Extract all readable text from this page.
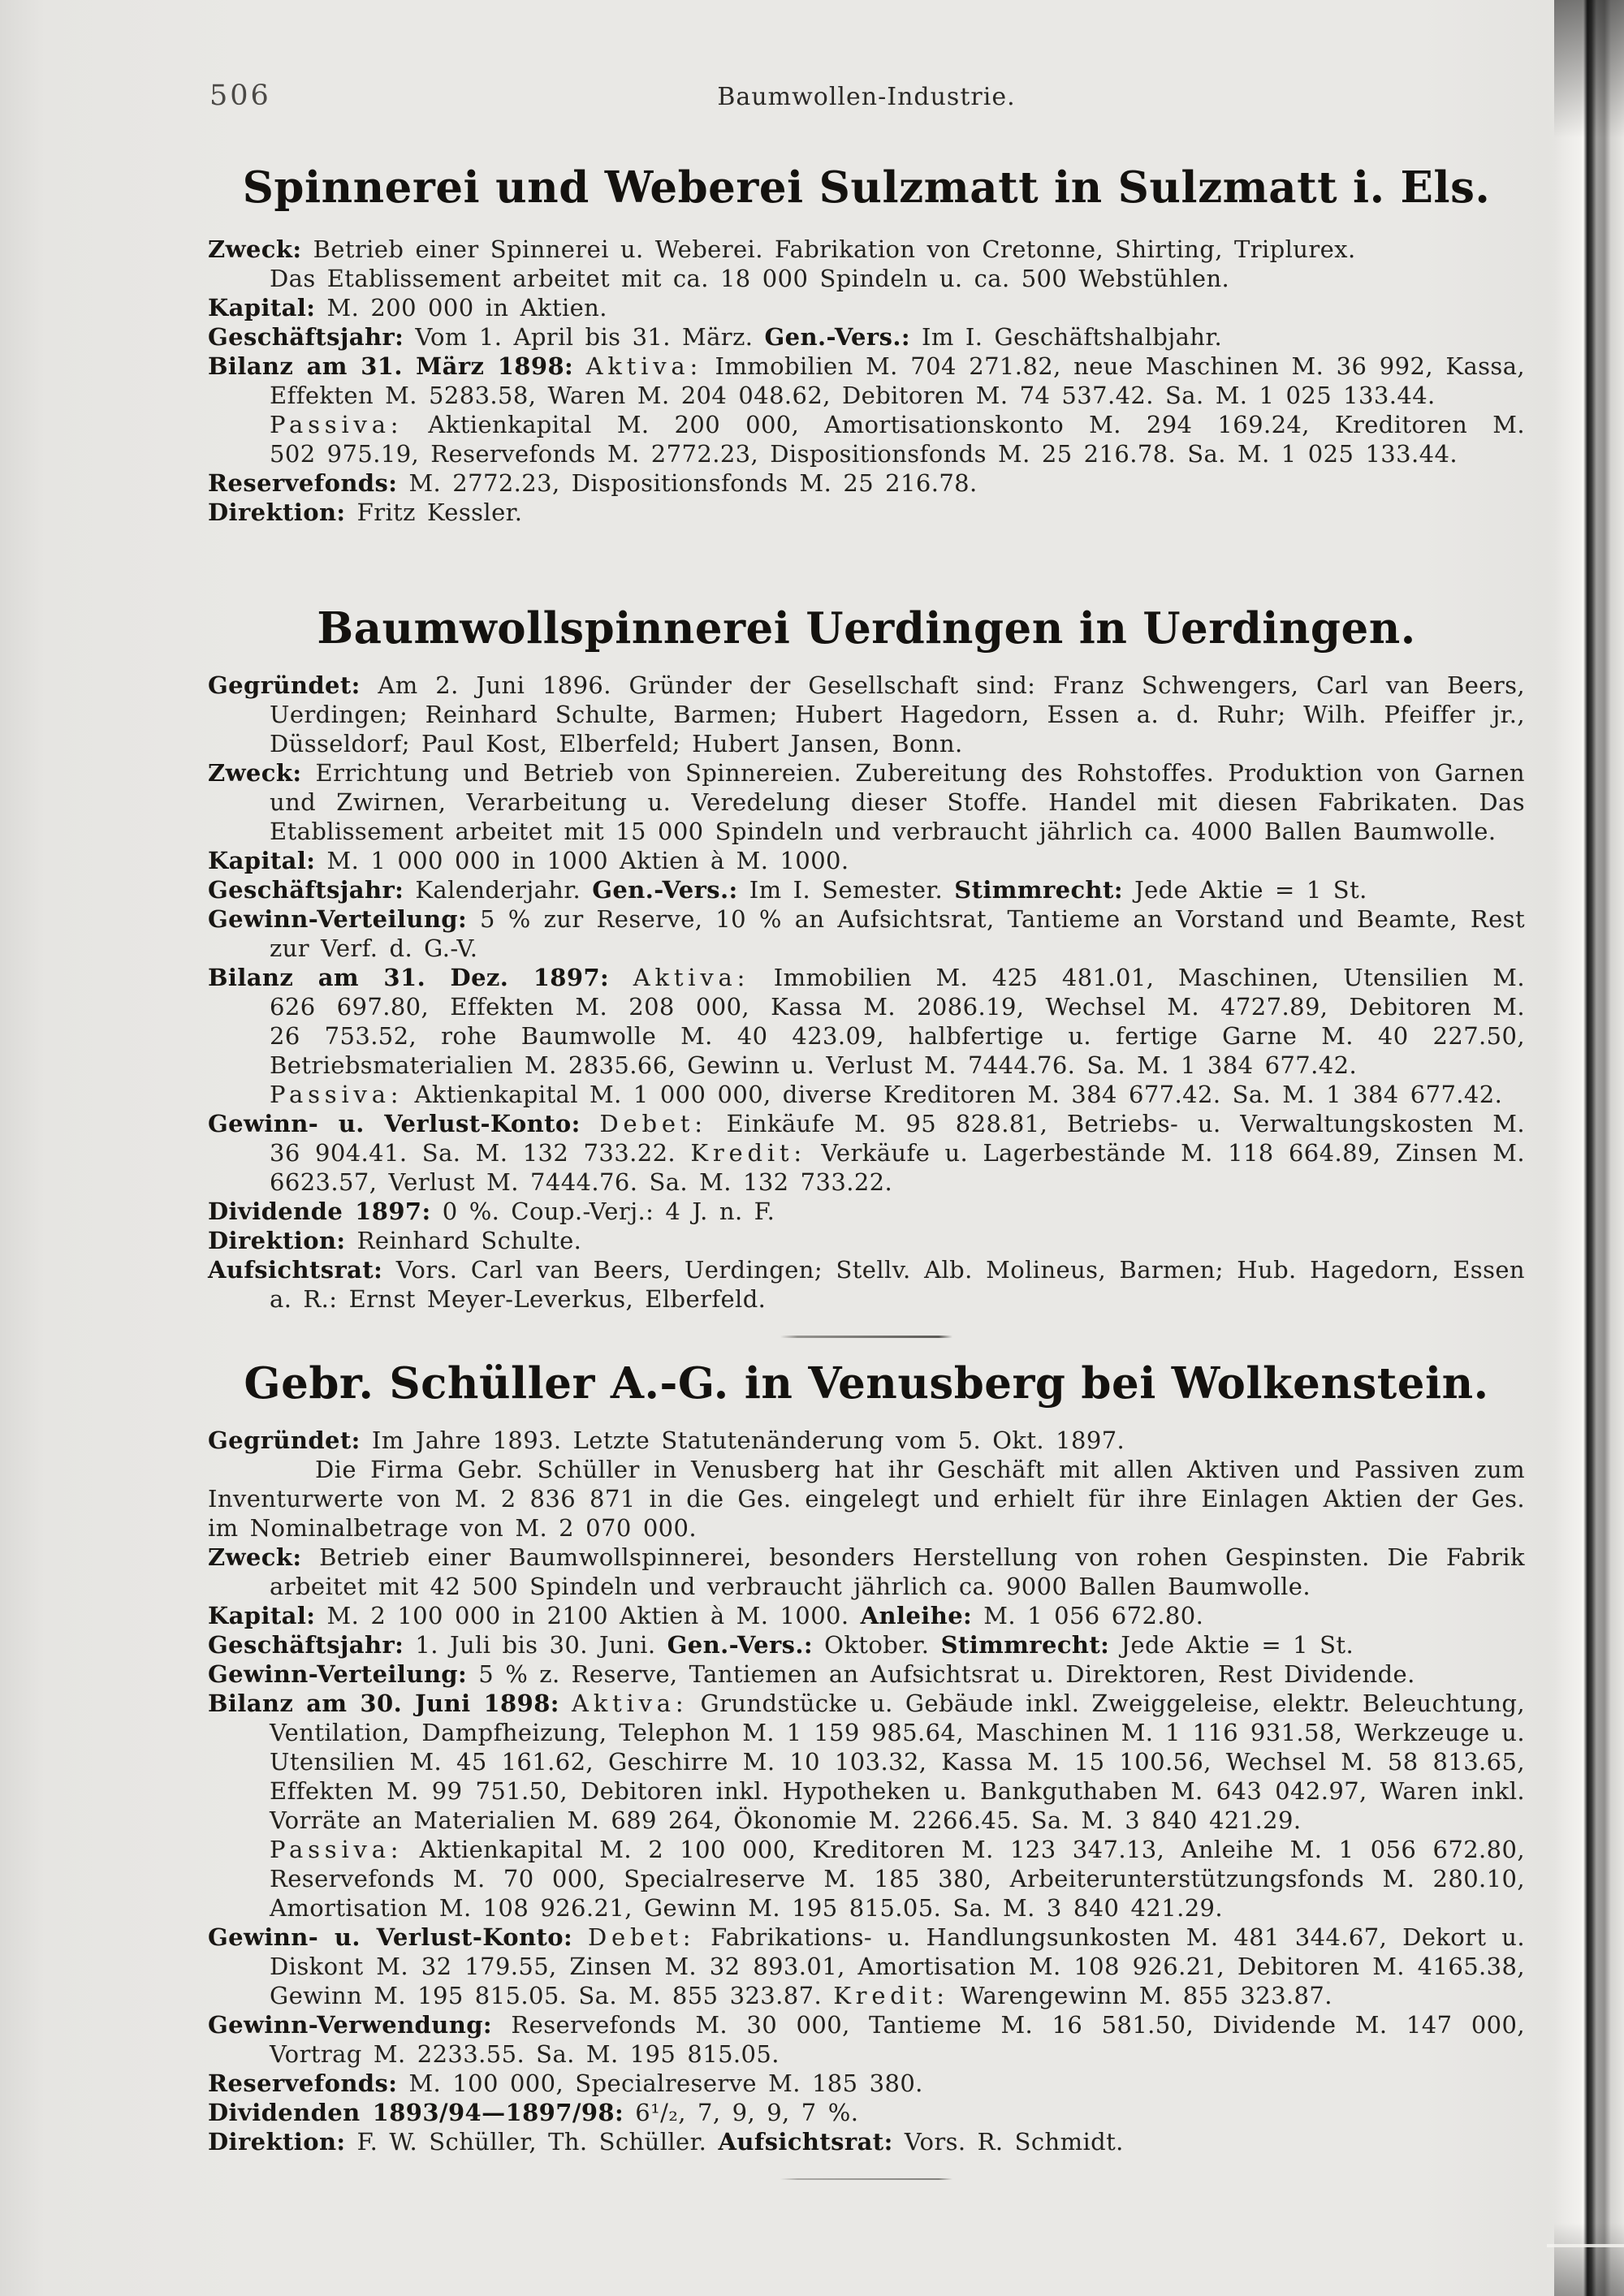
506	Baumwollen-Industrie.
Spinnerei und Weberei Sulzmatt in Sulzmatt i. Els.

Zweck: Betrieb einer Spinnerei u. Weberei. Fabrikation von Cretonne, Shirting, Triplurex.

Das Etablissement arbeitet mit ca. 18 000 Spindeln u. ca. 500 Webstühlen.

Kapital: M. 200 000 in Aktien.

Geschäftsjahr: Vom 1. April bis 31. März. Gen.-Vers.: Im I. Geschäftshalbjahr.

Bilanz am 31. März 1898: Aktiva: Immobilien M. 704 271.82, neue Maschinen M. 36 992, Kassa, Effekten M. 5283.58, Waren M. 204 048.62, Debitoren M. 74 537.42. Sa. M. 1 025 133.44.
Passiva: Aktienkapital M. 200 000, Amortisationskonto M. 294 169.24, Kreditoren M. 502 975.19, Reservefonds M. 2772.23, Dispositionsfonds M. 25 216.78. Sa. M. 1 025 133.44.

Reservefonds: M. 2772.23, Dispositionsfonds M. 25 216.78.

Direktion: Fritz Kessler.

Baumwollspinnerei Uerdingen in Uerdingen.

Gegründet: Am 2. Juni 1896. Gründer der Gesellschaft sind: Franz Schwengers, Carl van Beers, Uerdingen; Reinhard Schulte, Barmen; Hubert Hagedorn, Essen a. d. Ruhr; Wilh. Pfeiffer jr., Düsseldorf; Paul Kost, Elberfeld; Hubert Jansen, Bonn.

Zweck: Errichtung und Betrieb von Spinnereien. Zubereitung des Rohstoffes. Produktion von Garnen und Zwirnen, Verarbeitung u. Veredelung dieser Stoffe. Handel mit diesen Fabrikaten. Das Etablissement arbeitet mit 15 000 Spindeln und verbraucht jährlich ca. 4000 Ballen Baumwolle.

Kapital: M. 1 000 000 in 1000 Aktien à M. 1000.

Geschäftsjahr: Kalenderjahr. Gen.-Vers.: Im I. Semester. Stimmrecht: Jede Aktie = 1 St.

Gewinn-Verteilung: 5 % zur Reserve, 10 % an Aufsichtsrat, Tantieme an Vorstand und Beamte, Rest zur Verf. d. G.-V.

Bilanz am 31. Dez. 1897: Aktiva: Immobilien M. 425 481.01, Maschinen, Utensilien M. 626 697.80, Effekten M. 208 000, Kassa M. 2086.19, Wechsel M. 4727.89, Debitoren M. 26 753.52, rohe Baumwolle M. 40 423.09, halbfertige u. fertige Garne M. 40 227.50, Betriebsmaterialien M. 2835.66, Gewinn u. Verlust M. 7444.76. Sa. M. 1 384 677.42.
Passiva: Aktienkapital M. 1 000 000, diverse Kreditoren M. 384 677.42. Sa. M. 1 384 677.42.

Gewinn- u. Verlust-Konto: Debet: Einkäufe M. 95 828.81, Betriebs- u. Verwaltungskosten M. 36 904.41. Sa. M. 132 733.22. Kredit: Verkäufe u. Lagerbestände M. 118 664.89, Zinsen M. 6623.57, Verlust M. 7444.76. Sa. M. 132 733.22.

Dividende 1897: 0 %. Coup.-Verj.: 4 J. n. F.

Direktion: Reinhard Schulte.

Aufsichtsrat: Vors. Carl van Beers, Uerdingen; Stellv. Alb. Molineus, Barmen; Hub. Hagedorn, Essen a. R.: Ernst Meyer-Leverkus, Elberfeld.

Gebr. Schüller A.-G. in Venusberg bei Wolkenstein.

Gegründet: Im Jahre 1893. Letzte Statutenänderung vom 5. Okt. 1897.

Die Firma Gebr. Schüller in Venusberg hat ihr Geschäft mit allen Aktiven und Passiven zum Inventurwerte von M. 2 836 871 in die Ges. eingelegt und erhielt für ihre Einlagen Aktien der Ges. im Nominalbetrage von M. 2 070 000.

Zweck: Betrieb einer Baumwollspinnerei, besonders Herstellung von rohen Gespinsten. Die Fabrik arbeitet mit 42 500 Spindeln und verbraucht jährlich ca. 9000 Ballen Baumwolle.

Kapital: M. 2 100 000 in 2100 Aktien à M. 1000. Anleihe: M. 1 056 672.80.

Geschäftsjahr: 1. Juli bis 30. Juni. Gen.-Vers.: Oktober. Stimmrecht: Jede Aktie = 1 St.

Gewinn-Verteilung: 5 % z. Reserve, Tantiemen an Aufsichtsrat u. Direktoren, Rest Dividende.

Bilanz am 30. Juni 1898: Aktiva: Grundstücke u. Gebäude inkl. Zweiggeleise, elektr. Beleuchtung, Ventilation, Dampfheizung, Telephon M. 1 159 985.64, Maschinen M. 1 116 931.58, Werkzeuge u. Utensilien M. 45 161.62, Geschirre M. 10 103.32, Kassa M. 15 100.56, Wechsel M. 58 813.65, Effekten M. 99 751.50, Debitoren inkl. Hypotheken u. Bankguthaben M. 643 042.97, Waren inkl. Vorräte an Materialien M. 689 264, Ökonomie M. 2266.45. Sa. M. 3 840 421.29.
Passiva: Aktienkapital M. 2 100 000, Kreditoren M. 123 347.13, Anleihe M. 1 056 672.80, Reservefonds M. 70 000, Specialreserve M. 185 380, Arbeiterunterstützungsfonds M. 280.10, Amortisation M. 108 926.21, Gewinn M. 195 815.05. Sa. M. 3 840 421.29.

Gewinn- u. Verlust-Konto: Debet: Fabrikations- u. Handlungsunkosten M. 481 344.67, Dekort u. Diskont M. 32 179.55, Zinsen M. 32 893.01, Amortisation M. 108 926.21, Debitoren M. 4165.38, Gewinn M. 195 815.05. Sa. M. 855 323.87. Kredit: Warengewinn M. 855 323.87.

Gewinn-Verwendung: Reservefonds M. 30 000, Tantieme M. 16 581.50, Dividende M. 147 000, Vortrag M. 2233.55. Sa. M. 195 815.05.

Reservefonds: M. 100 000, Specialreserve M. 185 380.

Dividenden 1893/94—1897/98: 6¹/₂, 7, 9, 9, 7 %.

Direktion: F. W. Schüller, Th. Schüller. Aufsichtsrat: Vors. R. Schmidt.
